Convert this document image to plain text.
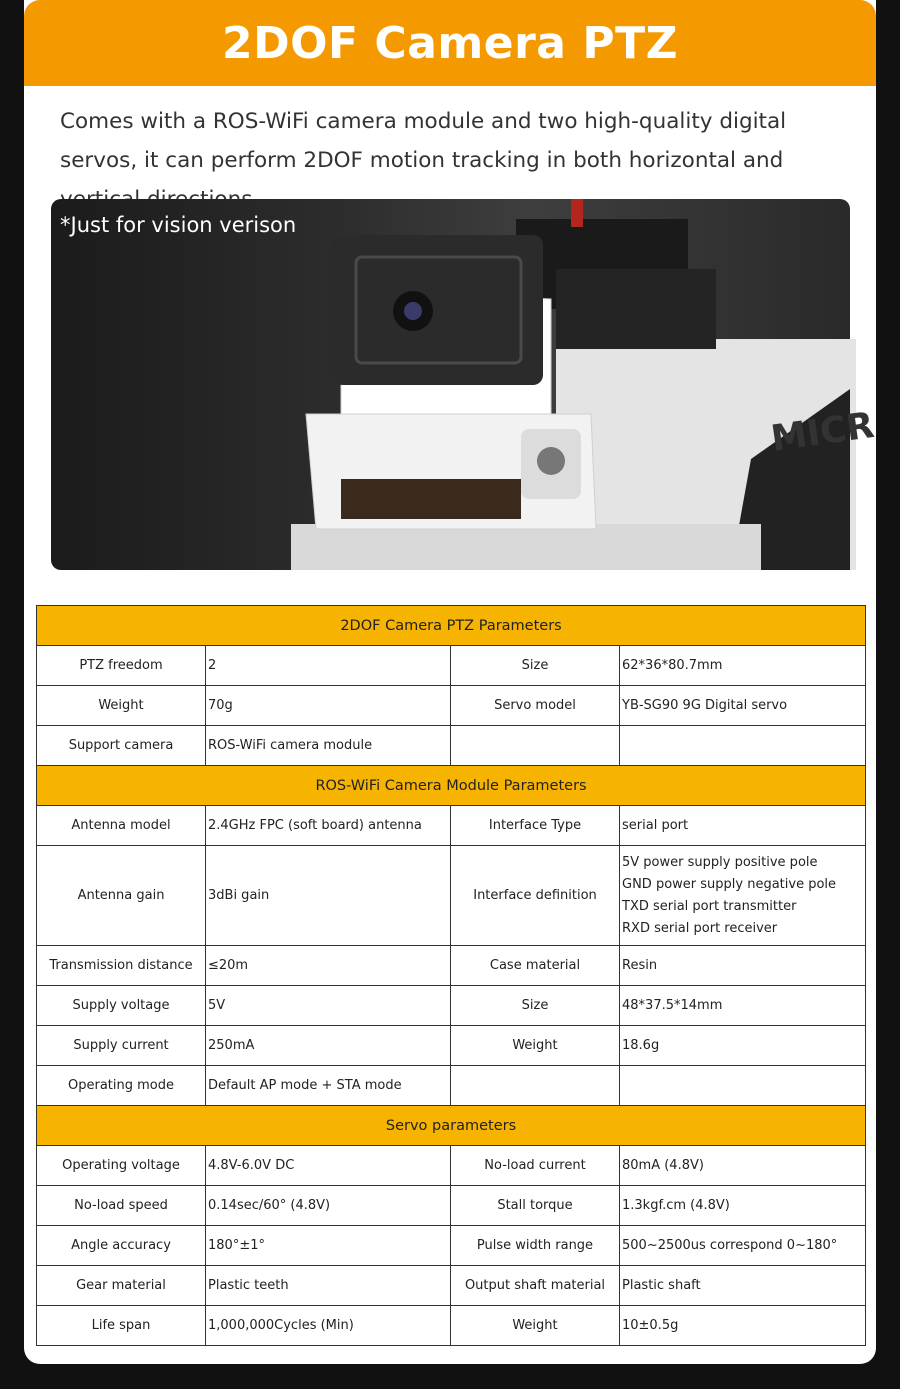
2DOF Camera PTZ

Comes with a ROS-WiFi camera module and two high-quality digital servos, it can perform 2DOF motion tracking in both horizontal and

MICR
*Just for vision verison
2DOF Camera PTZ Parameters			
PTZ freedom	2	Size	62*36*80.7mm
Weight	70g	Servo model	YB-SG90 9G Digital servo
Support camera	ROS-WiFi camera module		
ROS-WiFi Camera Module Parameters			
Antenna model	2.4GHz FPC (soft board) antenna	Interface Type	serial port
Antenna gain	3dBi gain	Interface definition	5V power supply positive pole
GND power supply negative pole
TXD serial port transmitter
RXD serial port receiver

Transmission distance	≤20m	Case material	Resin
Supply voltage	5V	Size	48*37.5*14mm
Supply current	250mA	Weight	18.6g
Operating mode	Default AP mode + STA mode		
Servo parameters			
Operating voltage	4.8V-6.0V DC	No-load current	80mA (4.8V)
No-load speed	0.14sec/60° (4.8V)	Stall torque	1.3kgf.cm (4.8V)
Angle accuracy	180°±1°	Pulse width range	500~2500us correspond 0~180°
Gear material	Plastic teeth	Output shaft material	Plastic shaft
Life span	1,000,000Cycles (Min)	Weight	10±0.5g
